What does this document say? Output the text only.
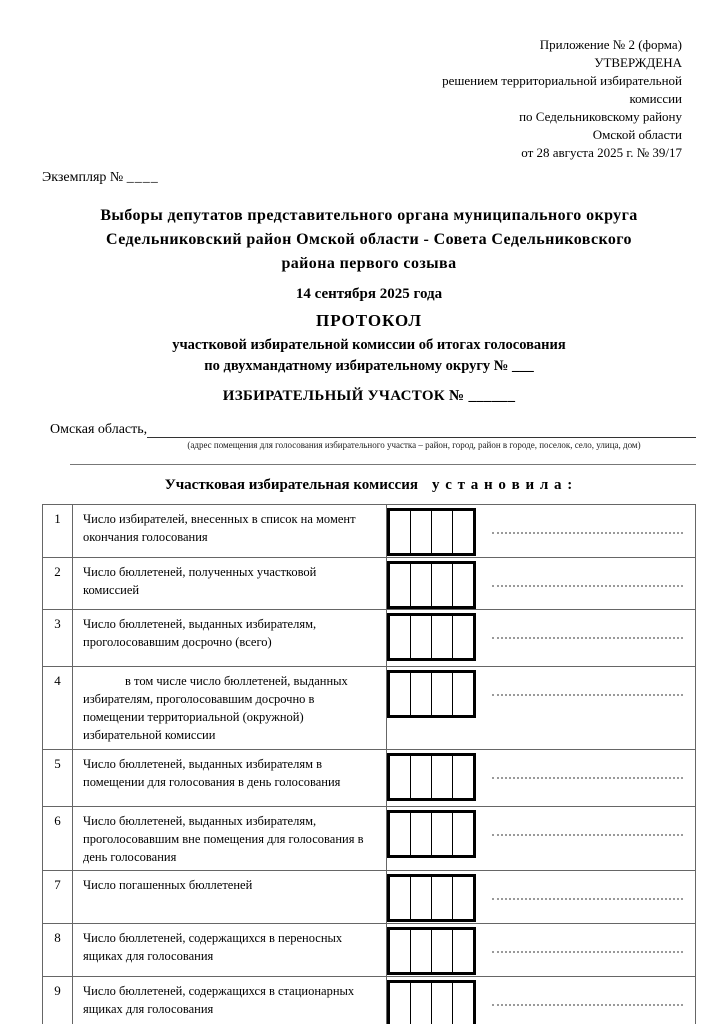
Приложение № 2 (форма)
УТВЕРЖДЕНА
решением территориальной избирательной
комиссии
по Седельниковскому району
Омской области
от 28 августа 2025 г. № 39/17
Экземпляр № ____
Выборы депутатов представительного органа муниципального округа
Седельниковский район Омской области - Совета Седельниковского
района первого созыва
14 сентября 2025 года
ПРОТОКОЛ
участковой избирательной комиссии об итогах голосования
по двухмандатному избирательному округу № ___
ИЗБИРАТЕЛЬНЫЙ УЧАСТОК № ______
Омская область,
(адрес помещения для голосования избирательного участка – район, город, район в городе, поселок, село, улица, дом)
Участковая избирательная комиссия у с т а н о в и л а :
1	Число избирателей, внесенных в список на момент окончания голосования
2	Число бюллетеней, полученных участковой комиссией
3	Число бюллетеней, выданных избирателям, проголосовавшим досрочно (всего)
4	в том числе число бюллетеней, выданных избирателям, проголосовавшим досрочно в помещении территориальной (окружной) избирательной комиссии
5	Число бюллетеней, выданных избирателям в помещении для голосования в день голосования
6	Число бюллетеней, выданных избирателям, проголосовавшим вне помещения для голосования в день голосования
7	Число погашенных бюллетеней
8	Число бюллетеней, содержащихся в переносных ящиках для голосования
9	Число бюллетеней, содержащихся в стационарных ящиках для голосования
